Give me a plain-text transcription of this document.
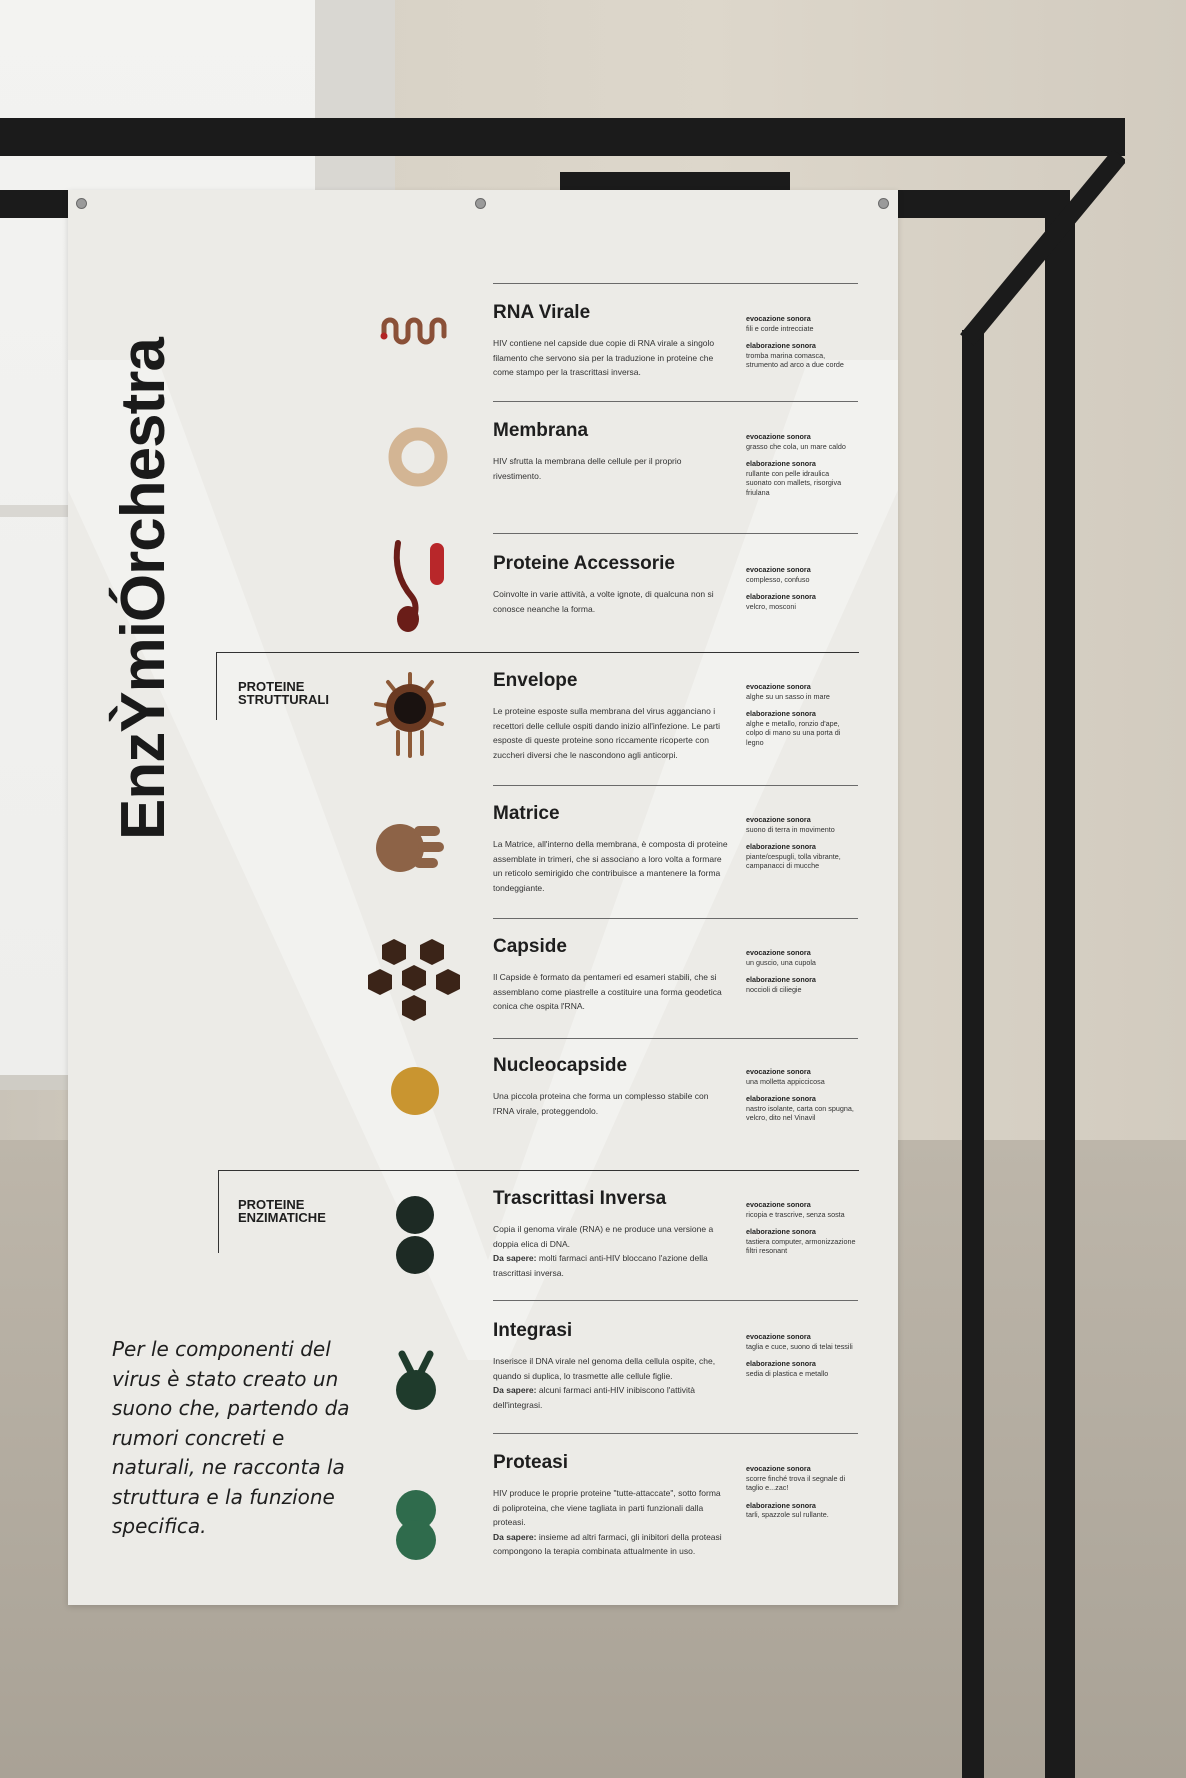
EnzỲmiÓrchestra	PROTEINE STRUTTURALI
PROTEINE ENZIMATICHE
RNA Virale
HIV contiene nel capside due copie di RNA virale a singolo filamento che servono sia per la traduzione in proteine che come stampo per la trascrittasi inversa.
evocazione sonora
fili e corde intrecciate
elaborazione sonora
tromba marina comasca, strumento ad arco a due corde
Membrana
HIV sfrutta la membrana delle cellule per il proprio rivestimento.
evocazione sonora
grasso che cola, un mare caldo
elaborazione sonora
rullante con pelle idraulica suonato con mallets, risorgiva friulana
Proteine Accessorie
Coinvolte in varie attività, a volte ignote, di qualcuna non si conosce neanche la forma.
evocazione sonora
complesso, confuso
elaborazione sonora
velcro, mosconi
Envelope
Le proteine esposte sulla membrana del virus agganciano i recettori delle cellule ospiti dando inizio all'infezione. Le parti esposte di queste proteine sono riccamente ricoperte con zuccheri diversi che le nascondono agli anticorpi.
evocazione sonora
alghe su un sasso in mare
elaborazione sonora
alghe e metallo, ronzio d'ape, colpo di mano su una porta di legno
Matrice
La Matrice, all'interno della membrana, è composta di proteine assemblate in trimeri, che si associano a loro volta a formare un reticolo semirigido che contribuisce a mantenere la forma tondeggiante.
evocazione sonora
suono di terra in movimento
elaborazione sonora
piante/cespugli, tolla vibrante, campanacci di mucche
Capside
Il Capside è formato da pentameri ed esameri stabili, che si assemblano come piastrelle a costituire una forma geodetica conica che ospita l'RNA.
evocazione sonora
un guscio, una cupola
elaborazione sonora
noccioli di ciliegie
Nucleocapside
Una piccola proteina che forma un complesso stabile con l'RNA virale, proteggendolo.
evocazione sonora
una molletta appiccicosa
elaborazione sonora
nastro isolante, carta con spugna, velcro, dito nel Vinavil
Trascrittasi Inversa
Copia il genoma virale (RNA) e ne produce una versione a doppia elica di DNA.
Da sapere: molti farmaci anti-HIV bloccano l'azione della trascrittasi inversa.
evocazione sonora
ricopia e trascrive, senza sosta
elaborazione sonora
tastiera computer, armonizzazione filtri resonant
Integrasi
Inserisce il DNA virale nel genoma della cellula ospite, che, quando si duplica, lo trasmette alle cellule figlie.
Da sapere: alcuni farmaci anti-HIV inibiscono l'attività dell'integrasi.
evocazione sonora
taglia e cuce, suono di telai tessili
elaborazione sonora
sedia di plastica e metallo
Proteasi
HIV produce le proprie proteine "tutte-attaccate", sotto forma di poliproteina, che viene tagliata in parti funzionali dalla proteasi.
Da sapere: insieme ad altri farmaci, gli inibitori della proteasi compongono la terapia combinata attualmente in uso.
evocazione sonora
scorre finché trova il segnale di taglio e...zac!
elaborazione sonora
tarli, spazzole sul rullante.
Per le componenti del virus è stato creato un suono che, partendo da rumori concreti e naturali, ne racconta la struttura e la funzione specifica.
